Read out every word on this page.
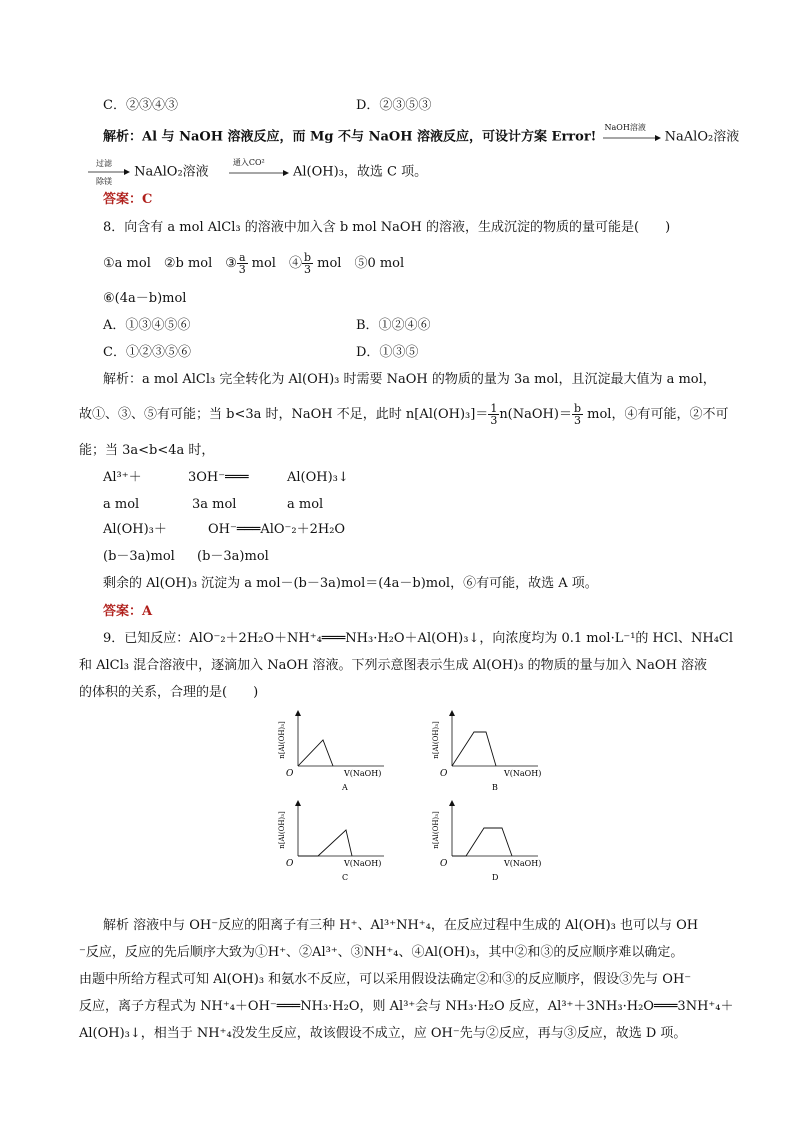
C．②③④③	D．②③⑤③
解析：Al 与 NaOH 溶液反应，而 Mg 不与 NaOH 溶液反应，可设计方案 Error!
NaOH溶液
NaAlO₂溶液
过滤
除镁
NaAlO₂溶液
通入CO²
Al(OH)₃，故选 C 项。
答案：C
8．向含有 a mol AlCl₃ 的溶液中加入含 b mol NaOH 的溶液，生成沉淀的物质的量可能是(　　)
①a mol　②b mol　③ $\frac{a}{3}$ mol　④ $\frac{b}{3}$ mol　⑤0 mol
⑥(4a－b)mol
A．①③④⑤⑥	B．①②④⑥
C．①②③⑤⑥	D．①③⑤
解析：a mol AlCl₃ 完全转化为 Al(OH)₃ 时需要 NaOH 的物质的量为 3a mol，且沉淀最大值为 a mol，
故①、③、⑤有可能；当 b<3a 时，NaOH 不足，此时 $n[Al(OH)_3]= \frac{1}{3}$ n(NaOH)＝ $\frac{b}{3}$ mol，④有可能，②不可
能；当 3a<b<4a 时，
Al³⁺＋	3OH⁻═══	Al(OH)₃↓
a mol	3a mol	a mol
Al(OH)₃＋	OH⁻═══AlO⁻₂＋2H₂O
(b－3a)mol (b－3a)mol
剩余的 Al(OH)₃ 沉淀为 a mol－(b－3a)mol＝(4a－b)mol，⑥有可能，故选 A 项。
答案：A
9．已知反应：AlO⁻₂＋2H₂O＋NH⁺₄═══NH₃·H₂O＋Al(OH)₃↓，向浓度均为 0.1 mol·L⁻¹的 HCl、NH₄Cl
和 AlCl₃ 混合溶液中，逐滴加入 NaOH 溶液。下列示意图表示生成 Al(OH)₃ 的物质的量与加入 NaOH 溶液
的体积的关系，合理的是(　　)
n[Al(OH)₃]
O	V(NaOH)
A
n[Al(OH)₃]
O	V(NaOH)
B
n[Al(OH)₃]
O	V(NaOH)
C
n[Al(OH)₃]
O	V(NaOH)
D
解析 溶液中与 OH⁻反应的阳离子有三种 H⁺、Al³⁺NH⁺₄，在反应过程中生成的 Al(OH)₃ 也可以与 OH
⁻反应，反应的先后顺序大致为①H⁺、②Al³⁺、③NH⁺₄、④Al(OH)₃，其中②和③的反应顺序难以确定。
由题中所给方程式可知 Al(OH)₃ 和氨水不反应，可以采用假设法确定②和③的反应顺序，假设③先与 OH⁻
反应，离子方程式为 NH⁺₄＋OH⁻═══NH₃·H₂O，则 Al³⁺会与 NH₃·H₂O 反应，Al³⁺＋3NH₃·H₂O═══3NH⁺₄＋
Al(OH)₃↓，相当于 NH⁺₄没发生反应，故该假设不成立，应 OH⁻先与②反应，再与③反应，故选 D 项。
